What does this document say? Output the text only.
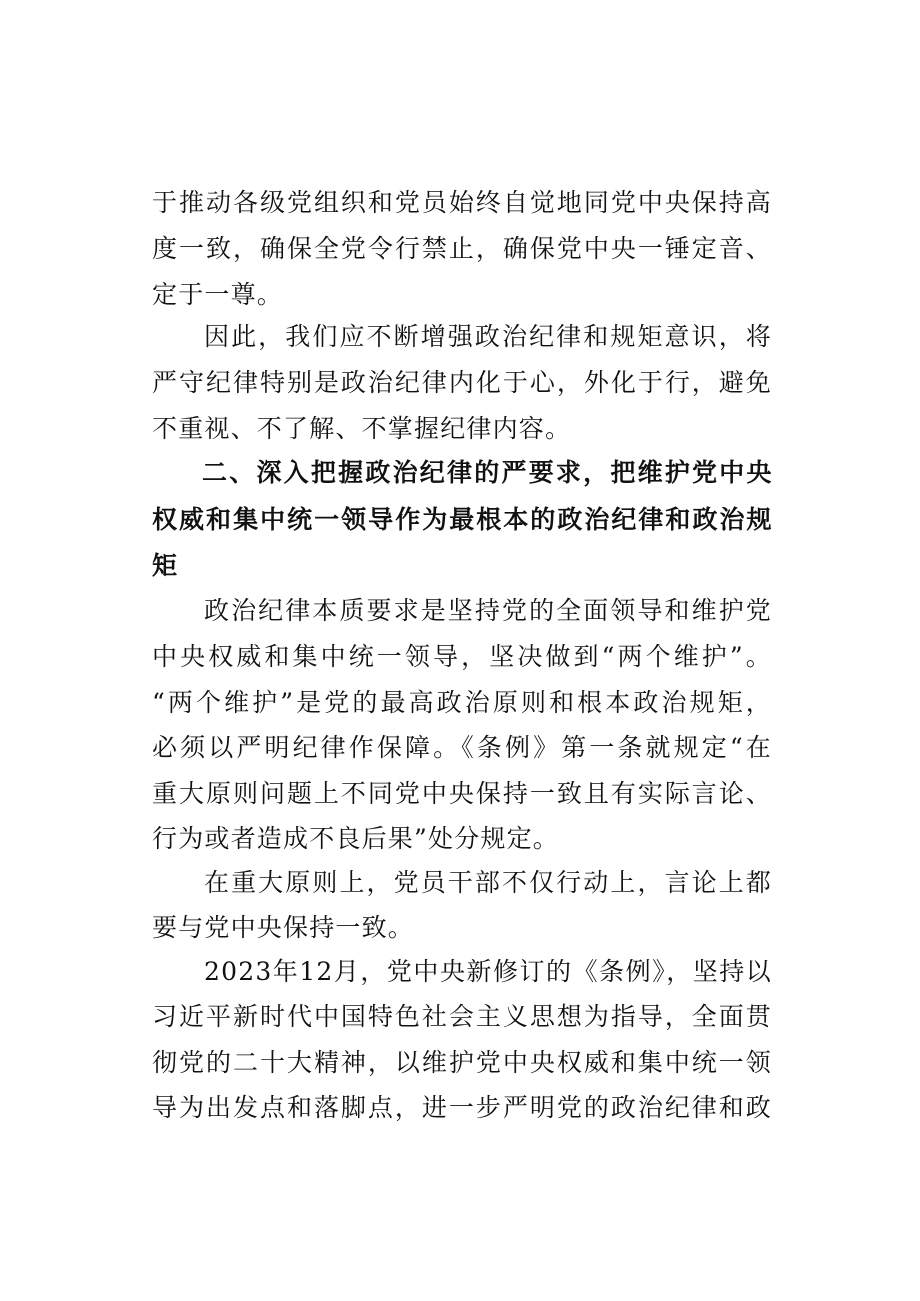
于推动各级党组织和党员始终自觉地同党中央保持高
度一致，确保全党令行禁止，确保党中央一锤定音、
定于一尊。
因此，我们应不断增强政治纪律和规矩意识，将
严守纪律特别是政治纪律内化于心，外化于行，避免
不重视、不了解、不掌握纪律内容。
二、深入把握政治纪律的严要求，把维护党中央
权威和集中统一领导作为最根本的政治纪律和政治规
矩
政治纪律本质要求是坚持党的全面领导和维护党
中央权威和集中统一领导，坚决做到“两个维护”。
“两个维护”是党的最高政治原则和根本政治规矩，
必须以严明纪律作保障。《条例》第一条就规定“在
重大原则问题上不同党中央保持一致且有实际言论、
行为或者造成不良后果”处分规定。
在重大原则上，党员干部不仅行动上，言论上都
要与党中央保持一致。
2023年12月，党中央新修订的《条例》，坚持以
习近平新时代中国特色社会主义思想为指导，全面贯
彻党的二十大精神，以维护党中央权威和集中统一领
导为出发点和落脚点，进一步严明党的政治纪律和政
